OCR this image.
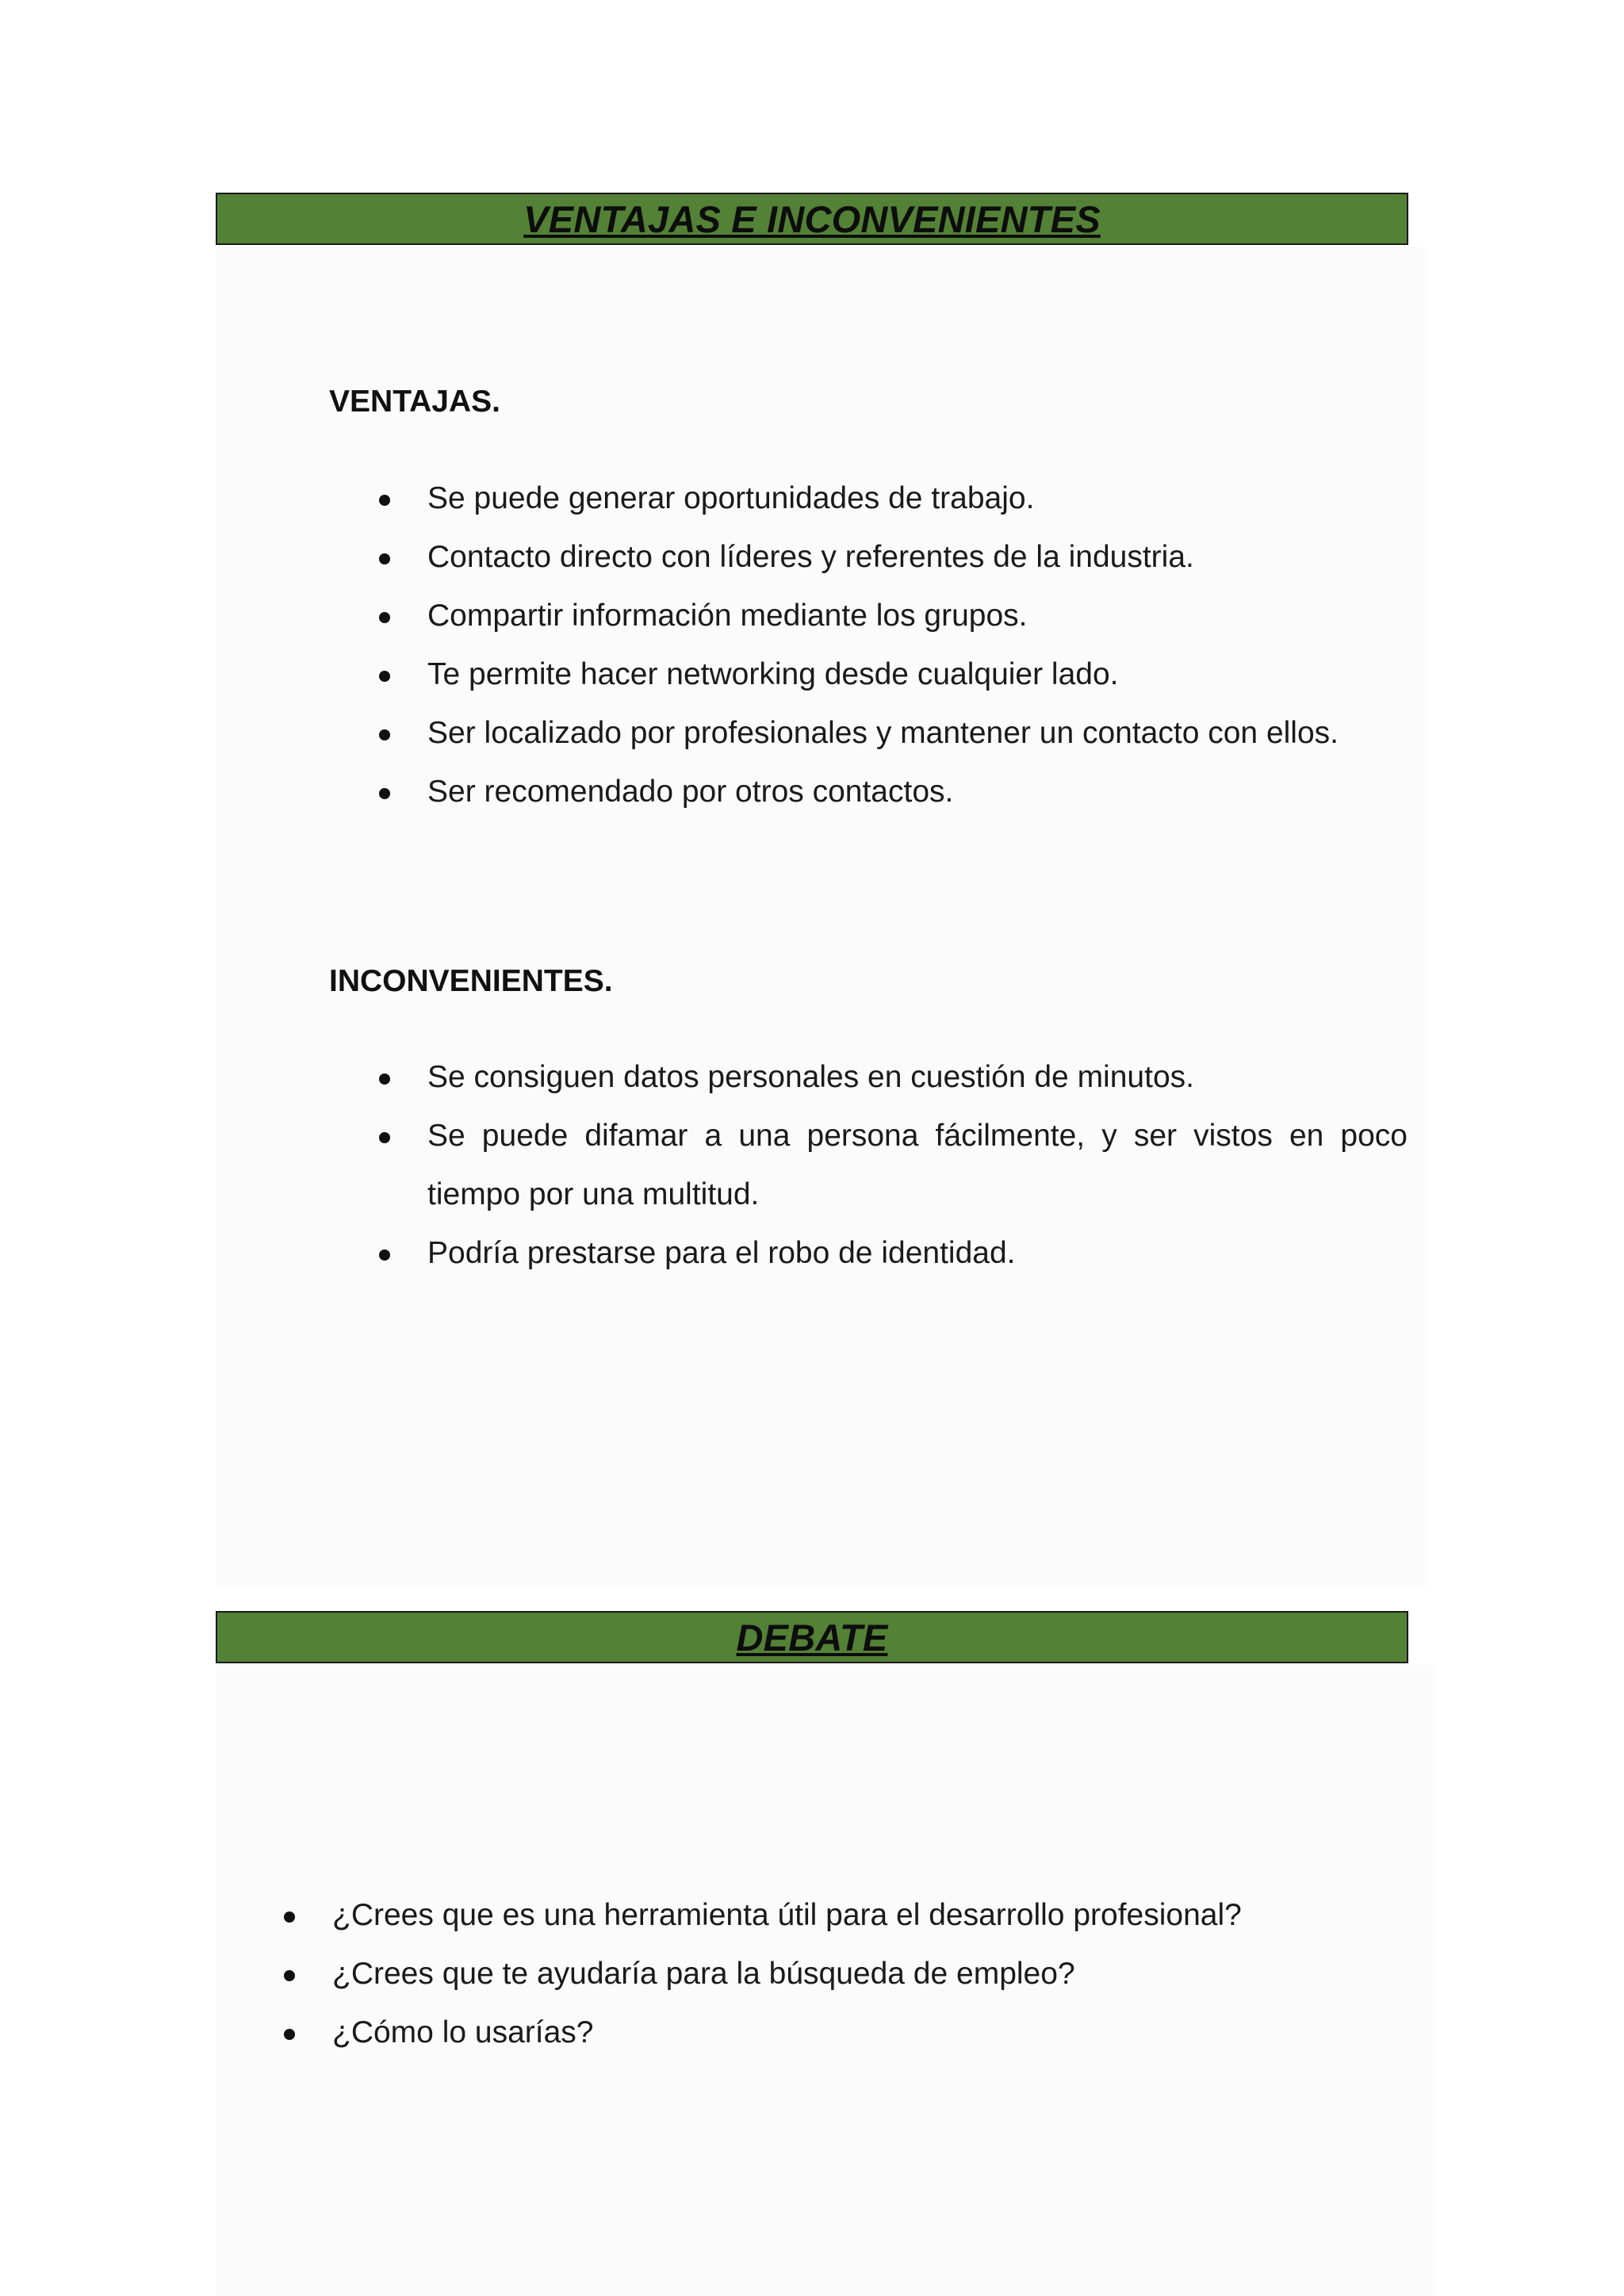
VENTAJAS E INCONVENIENTES
VENTAJAS.
Se puede generar oportunidades de trabajo.
Contacto directo con líderes y referentes de la industria.
Compartir información mediante los grupos.
Te permite hacer networking desde cualquier lado.
Ser localizado por profesionales y mantener un contacto con ellos.
Ser recomendado por otros contactos.
INCONVENIENTES.
Se consiguen datos personales en cuestión de minutos.
Se puede difamar a una persona fácilmente, y ser vistos en poco tiempo por una multitud.
Podría prestarse para el robo de identidad.
DEBATE
¿Crees que es una herramienta útil para el desarrollo profesional?
¿Crees que te ayudaría para la búsqueda de empleo?
¿Cómo lo usarías?
